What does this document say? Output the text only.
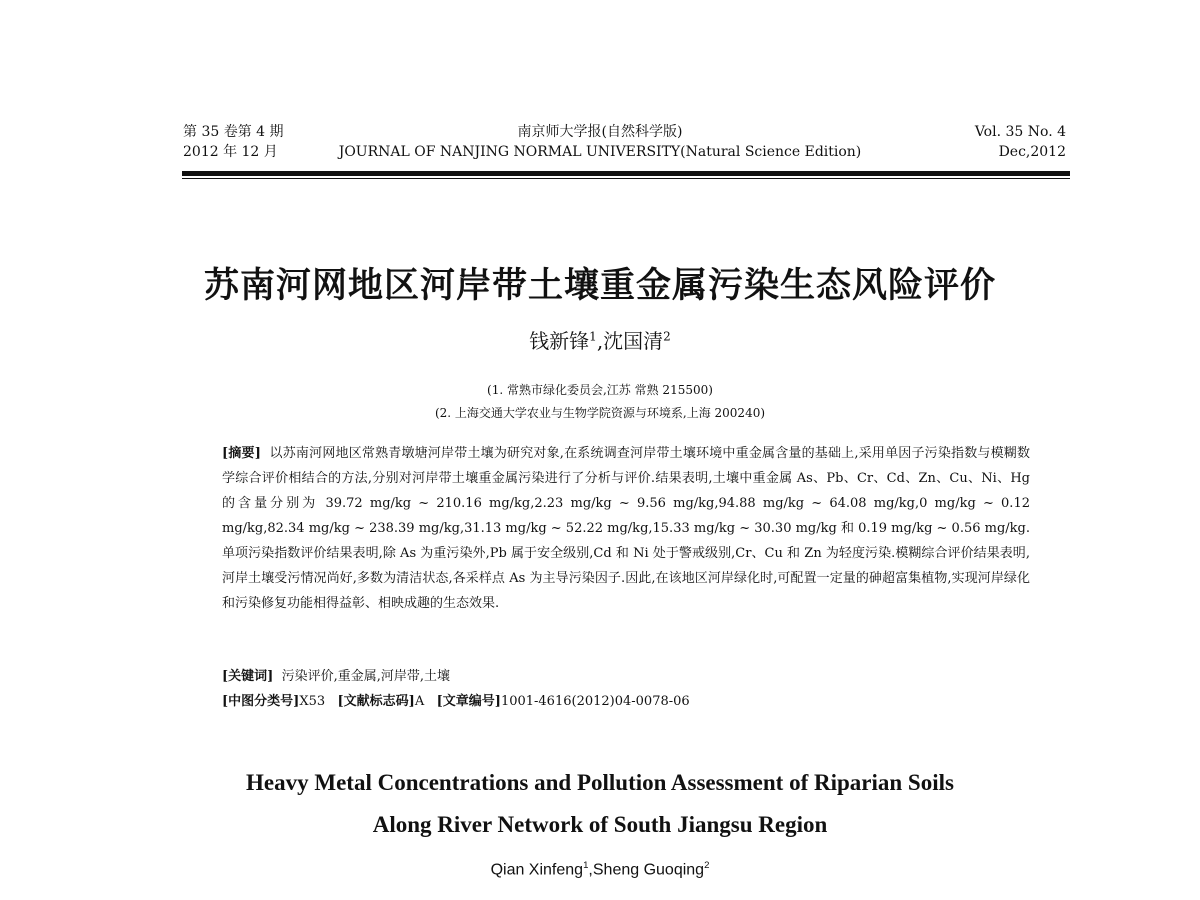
第 35 卷第 4 期
2012 年 12 月
南京师大学报(自然科学版)
JOURNAL OF NANJING NORMAL UNIVERSITY(Natural Science Edition)
Vol. 35 No. 4
Dec,2012
苏南河网地区河岸带土壤重金属污染生态风险评价
钱新锋$^1$,沈国清$^2$
(1. 常熟市绿化委员会,江苏 常熟 215500)
(2. 上海交通大学农业与生物学院资源与环境系,上海 200240)

[摘要] 以苏南河网地区常熟青墩塘河岸带土壤为研究对象,在系统调查河岸带土壤环境中重金属含量的基础上,采用单因子污染指数与模糊数学综合评价相结合的方法,分别对河岸带土壤重金属污染进行了分析与评价.结果表明,土壤中重金属 As、Pb、Cr、Cd、Zn、Cu、Ni、Hg 的含量分别为 39.72 mg/kg ~ 210.16 mg/kg,2.23 mg/kg ~ 9.56 mg/kg,94.88 mg/kg ~ 64.08 mg/kg,0 mg/kg ~ 0.12 mg/kg,82.34 mg/kg ~ 238.39 mg/kg,31.13 mg/kg ~ 52.22 mg/kg,15.33 mg/kg ~ 30.30 mg/kg 和 0.19 mg/kg ~ 0.56 mg/kg.单项污染指数评价结果表明,除 As 为重污染外,Pb 属于安全级别,Cd 和 Ni 处于警戒级别,Cr、Cu 和 Zn 为轻度污染.模糊综合评价结果表明,河岸土壤受污情况尚好,多数为清洁状态,各采样点 As 为主导污染因子.因此,在该地区河岸绿化时,可配置一定量的砷超富集植物,实现河岸绿化和污染修复功能相得益彰、相映成趣的生态效果.

[关键词] 污染评价,重金属,河岸带,土壤
[中图分类号]X53 [文献标志码]A [文章编号]1001-4616(2012)04-0078-06
Heavy Metal Concentrations and Pollution Assessment of Riparian Soils
Along River Network of South Jiangsu Region
Qian Xinfeng$^1$,Sheng Guoqing$^2$
